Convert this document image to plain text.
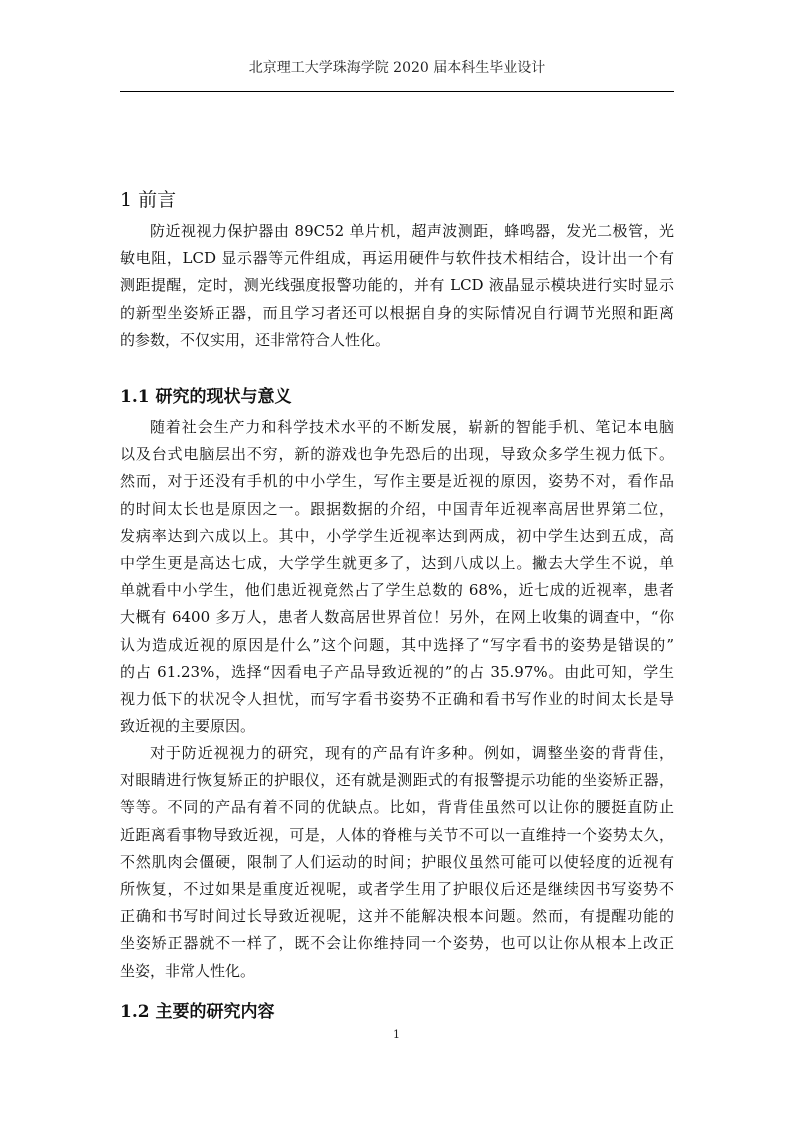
北京理工大学珠海学院 2020 届本科生毕业设计
1 前言
防近视视力保护器由 89C52 单片机，超声波测距，蜂鸣器，发光二极管，光
敏电阻，LCD 显示器等元件组成，再运用硬件与软件技术相结合，设计出一个有
测距提醒，定时，测光线强度报警功能的，并有 LCD 液晶显示模块进行实时显示
的新型坐姿矫正器，而且学习者还可以根据自身的实际情况自行调节光照和距离
的参数，不仅实用，还非常符合人性化。
1.1 研究的现状与意义
随着社会生产力和科学技术水平的不断发展，崭新的智能手机、笔记本电脑
以及台式电脑层出不穷，新的游戏也争先恐后的出现，导致众多学生视力低下。
然而，对于还没有手机的中小学生，写作主要是近视的原因，姿势不对，看作品
的时间太长也是原因之一。跟据数据的介绍，中国青年近视率高居世界第二位，
发病率达到六成以上。其中，小学学生近视率达到两成，初中学生达到五成，高
中学生更是高达七成，大学学生就更多了，达到八成以上。撇去大学生不说，单
单就看中小学生，他们患近视竟然占了学生总数的 68%，近七成的近视率，患者
大概有 6400 多万人，患者人数高居世界首位！另外，在网上收集的调查中，“你
认为造成近视的原因是什么”这个问题，其中选择了“写字看书的姿势是错误的”
的占 61.23%，选择“因看电子产品导致近视的”的占 35.97%。由此可知，学生
视力低下的状况令人担忧，而写字看书姿势不正确和看书写作业的时间太长是导
致近视的主要原因。
对于防近视视力的研究，现有的产品有许多种。例如，调整坐姿的背背佳，
对眼睛进行恢复矫正的护眼仪，还有就是测距式的有报警提示功能的坐姿矫正器，
等等。不同的产品有着不同的优缺点。比如，背背佳虽然可以让你的腰挺直防止
近距离看事物导致近视，可是，人体的脊椎与关节不可以一直维持一个姿势太久，
不然肌肉会僵硬，限制了人们运动的时间；护眼仪虽然可能可以使轻度的近视有
所恢复，不过如果是重度近视呢，或者学生用了护眼仪后还是继续因书写姿势不
正确和书写时间过长导致近视呢，这并不能解决根本问题。然而，有提醒功能的
坐姿矫正器就不一样了，既不会让你维持同一个姿势，也可以让你从根本上改正
坐姿，非常人性化。
1.2 主要的研究内容
1
